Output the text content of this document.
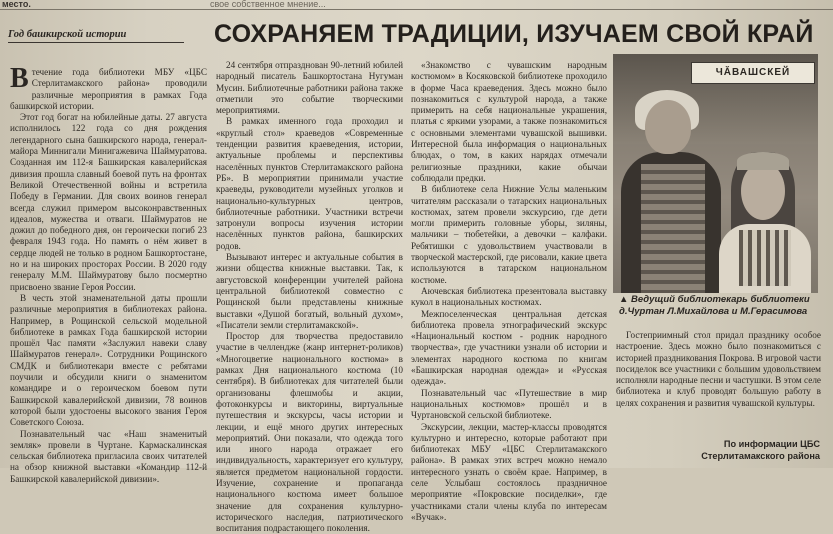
место.	свое собственное мнение...
Год башкирской истории	СОХРАНЯЕМ ТРАДИЦИИ, ИЗУЧАЕМ СВОЙ КРАЙ

Втечение года библиотеки МБУ «ЦБС Стерлитамакского района» проводили различные мероприятия в рамках Года башкирской истории.

Этот год богат на юбилейные даты. 27 августа исполнилось 122 года со дня рождения легендарного сына башкирского народа, генерал-майора Миннигали Минигажевича Шаймуратова. Созданная им 112-я Башкирская кавалерийская дивизия прошла славный боевой путь на фронтах Великой Отечественной войны и встретила Победу в Германии. Для своих воинов генерал всегда служил примером высоконравственных идеалов, мужества и отваги. Шаймуратов не дожил до победного дня, он героически погиб 23 февраля 1943 года. Но память о нём живет в сердце людей не только в родном Башкортостане, но и на широких просторах России. В 2020 году генералу М.М. Шаймуратову было посмертно присвоено звание Героя России.

В честь этой знаменательной даты прошли различные мероприятия в библиотеках района. Например, в Рощинской сельской модельной библиотеке в рамках Года башкирской истории прошёл Час памяти «Заслужил навеки славу Шаймуратов генерал». Сотрудники Рощинского СМДК и библиотекари вместе с ребятами поучили и обсудили книги о знаменитом командире и о героическом боевом пути Башкирской кавалерийской дивизии, 78 воинов которой были удостоены высокого звания Героя Советского Союза.

Познавательный час «Наш знаменитый земляк» провели в Чуртане. Кармаскалинская сельская библиотека пригласила своих читателей на обзор книжной выставки «Командир 112-й Башкирской кавалерийской дивизии».

24 сентября отпразднован 90-летний юбилей народный писатель Башкортостана Нугуман Мусин. Библиотечные работники района также отметили это событие творческими мероприятиями.

В рамках именного года проходил и «круглый стол» краеведов «Современные тенденции развития краеведения, истории, актуальные проблемы и перспективы населённых пунктов Стерлитамакского района РБ». В мероприятии принимали участие краеведы, руководители музейных уголков и национально-культурных центров, библиотечные работники. Участники встречи затронули вопросы изучения истории населённых пунктов района, башкирских родов.

Вызывают интерес и актуальные события в жизни общества книжные выставки. Так, к августовской конференции учителей района центральной библиотекой совместно с Рощинской были представлены книжные выставки «Душой богатый, вольный духом», «Писатели земли стерлитамакской».

Простор для творчества предоставило участие в челлендже (жанр интернет-роликов) «Многоцветие национального костюма» в рамках Дня национального костюма (10 сентября). В библиотеках для читателей были организованы флешмобы и акции, фотоконкурсы и викторины, виртуальные путешествия и экскурсы, часы истории и лекции, и ещё много других интересных мероприятий. Они показали, что одежда того или иного народа отражает его индивидуальность, характеризует его культуру, является предметом национальной гордости. Изучение, сохранение и пропаганда национального костюма имеет большое значение для сохранения культурно-исторического наследия, патриотического воспитания подрастающего поколения.

«Знакомство с чувашским народным костюмом» в Косяковской библиотеке проходило в форме Часа краеведения. Здесь можно было познакомиться с культурой народа, а также примерить на себя национальные украшения, платья с яркими узорами, а также познакомиться с основными элементами чувашской вышивки. Интересной была информация о национальных блюдах, о том, в каких нарядах отмечали религиозные праздники, какие обычаи соблюдали предки.

В библиотеке села Нижние Услы маленьким читателям рассказали о татарских национальных костюмах, затем провели экскурсию, где дети могли примерить головные уборы, зиляны, мальчики – тюбетейки, а девочки – калфаки. Ребятишки с удовольствием участвовали в творческой мастерской, где рисовали, какие цвета используются в татарском национальном костюме.

Аючевская библиотека презентовала выставку кукол в национальных костюмах.

Межпоселенческая центральная детская библиотека провела этнографический экскурс «Национальный костюм - родник народного творчества», где участники узнали об истории и элементах народного костюма по книгам «Башкирская народная одежда» и «Русская одежда».

Познавательный час «Путешествие в мир национальных костюмов» прошёл и в Чуртановской сельской библиотеке.

Экскурсии, лекции, мастер-классы проводятся культурно и интересно, которые работают при библиотеках МБУ «ЦБС Стерлитамакского района». В рамках этих встреч можно немало интересного узнать о своём крае. Например, в селе Услыбаш состоялось праздничное мероприятие «Покровские посиделки», где участниками стали члены клуба по интересам «Вучак».

ЧĂВАШСКЕЙ
▲ Ведущий библиотекарь библиотеки д.Чуртан Л.Михайлова и М.Герасимова

Гостеприимный стол придал празднику особое настроение. Здесь можно было познакомиться с историей праздникования Покрова. В игровой части посиделок все участники с большим удовольствием исполняли народные песни и частушки. В этом селе библиотека и клуб проводят большую работу в целях сохранения и развития чувашской культуры.

По информации ЦБС
Стерлитамакского района
